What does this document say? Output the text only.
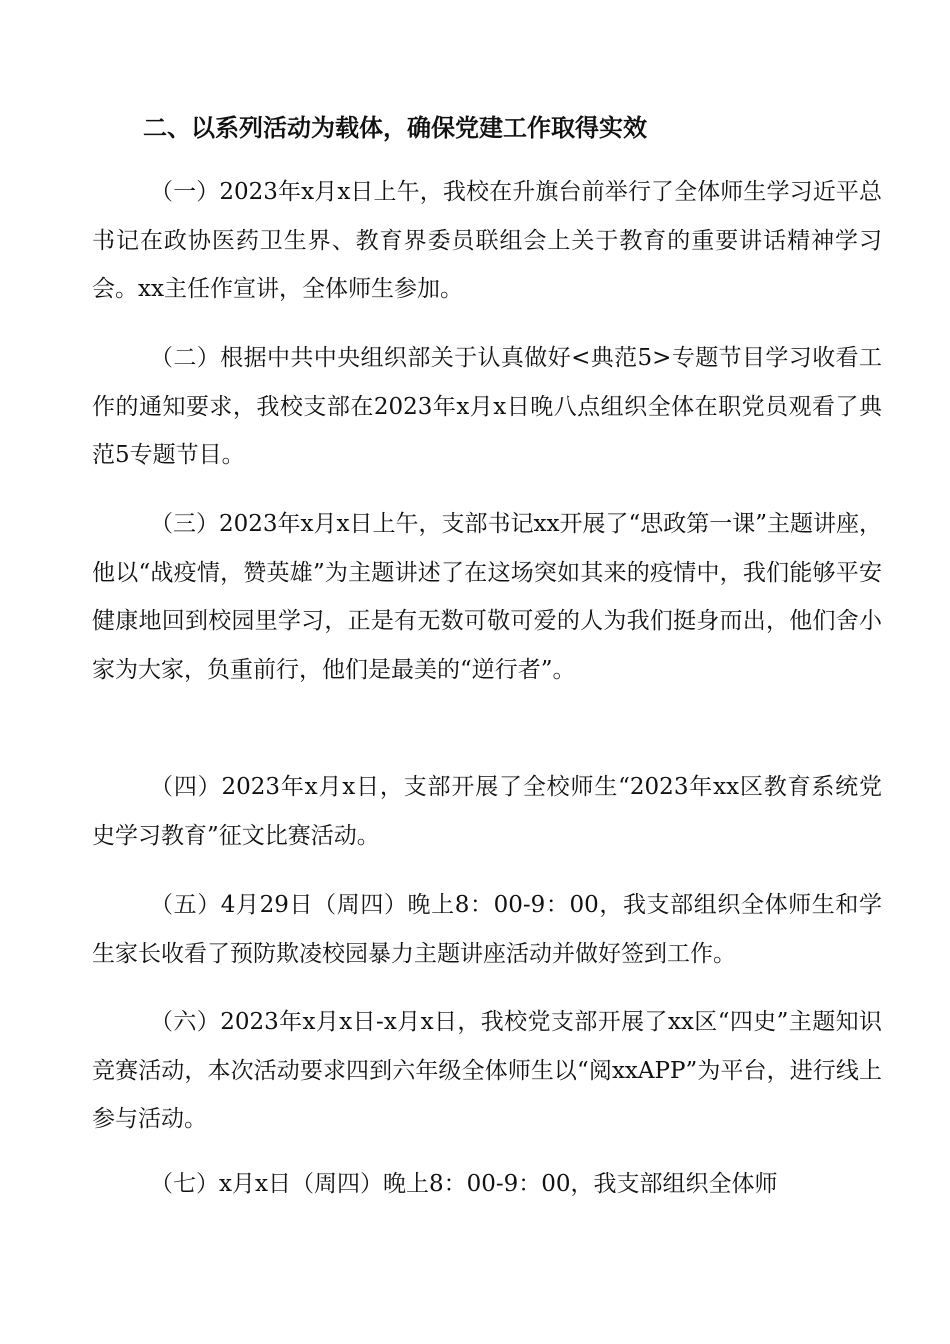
二、以系列活动为载体，确保党建工作取得实效
（一）2023年x月x日上午，我校在升旗台前举行了全体师生学习近平总书记在政协医药卫生界、教育界委员联组会上关于教育的重要讲话精神学习会。xx主任作宣讲，全体师生参加。
（二）根据中共中央组织部关于认真做好<典范5>专题节目学习收看工作的通知要求，我校支部在2023年x月x日晚八点组织全体在职党员观看了典范5专题节目。
（三）2023年x月x日上午，支部书记xx开展了“思政第一课”主题讲座，他以“战疫情，赞英雄”为主题讲述了在这场突如其来的疫情中，我们能够平安健康地回到校园里学习，正是有无数可敬可爱的人为我们挺身而出，他们舍小家为大家，负重前行，他们是最美的“逆行者”。
（四）2023年x月x日，支部开展了全校师生“2023年xx区教育系统党史学习教育”征文比赛活动。
（五）4月29日（周四）晚上8：00-9：00，我支部组织全体师生和学生家长收看了预防欺凌校园暴力主题讲座活动并做好签到工作。
（六）2023年x月x日-x月x日，我校党支部开展了xx区“四史”主题知识竞赛活动，本次活动要求四到六年级全体师生以“阅xxAPP”为平台，进行线上参与活动。
（七）x月x日（周四）晚上8：00-9：00，我支部组织全体师
